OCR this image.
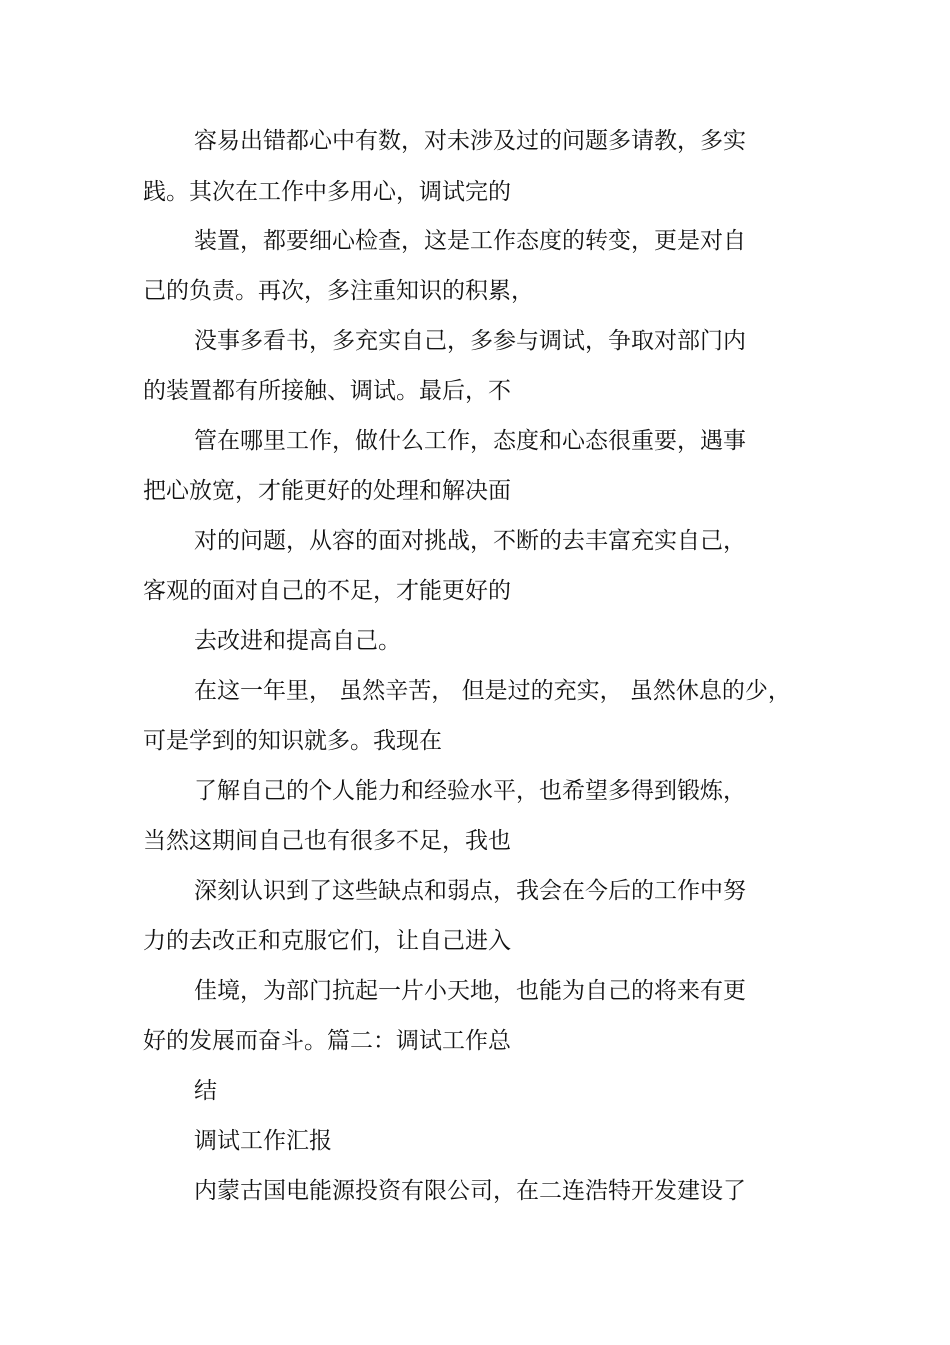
容易出错都心中有数，对未涉及过的问题多请教，多实
践。其次在工作中多用心，调试完的
装置，都要细心检查，这是工作态度的转变，更是对自
己的负责。再次，多注重知识的积累，
没事多看书，多充实自己，多参与调试，争取对部门内
的装置都有所接触、调试。最后，不
管在哪里工作，做什么工作，态度和心态很重要，遇事
把心放宽，才能更好的处理和解决面
对的问题，从容的面对挑战，不断的去丰富充实自己，
客观的面对自己的不足，才能更好的
去改进和提高自己。
在这一年里， 虽然辛苦， 但是过的充实， 虽然休息的少，
可是学到的知识就多。我现在
了解自己的个人能力和经验水平，也希望多得到锻炼，
当然这期间自己也有很多不足，我也
深刻认识到了这些缺点和弱点，我会在今后的工作中努
力的去改正和克服它们，让自己进入
佳境，为部门抗起一片小天地，也能为自己的将来有更
好的发展而奋斗。篇二：调试工作总
结
调试工作汇报
内蒙古国电能源投资有限公司，在二连浩特开发建设了
